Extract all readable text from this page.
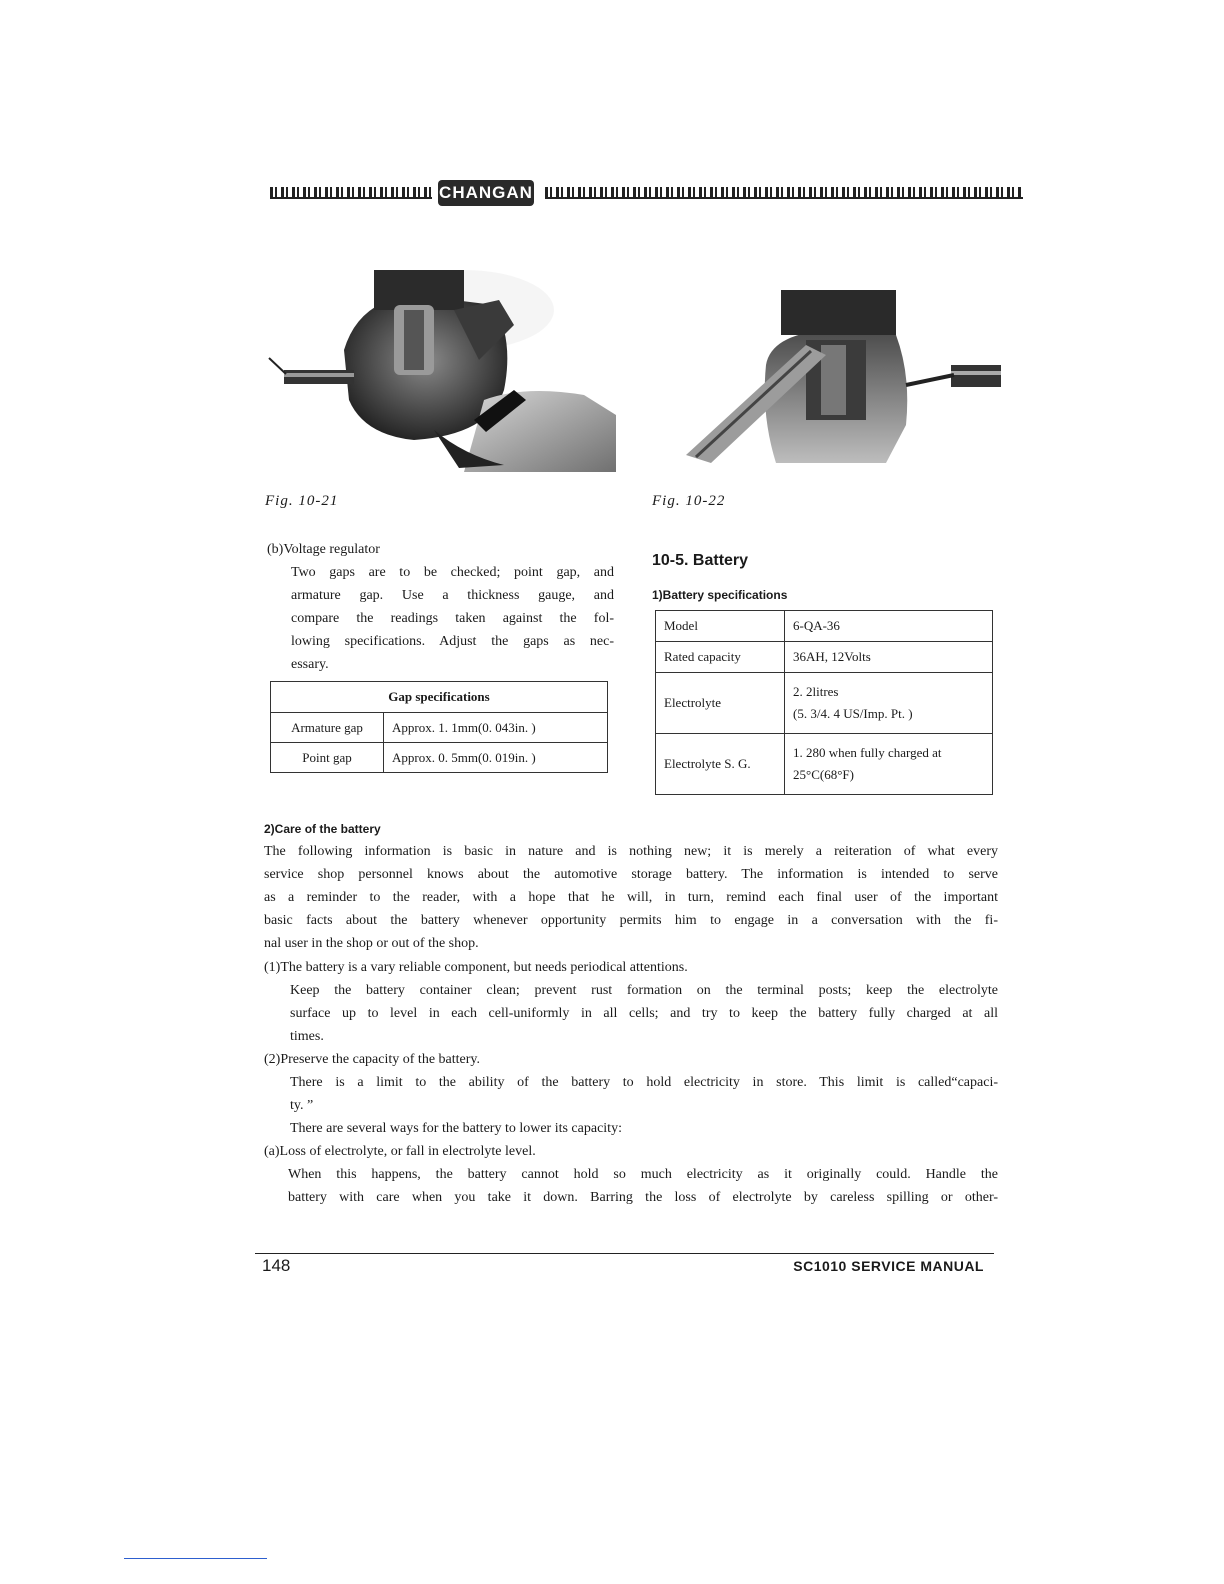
CHANGAN
Fig. 10-21	Fig. 10-22
(b)Voltage regulator
Two gaps are to be checked; point gap, and
armature gap. Use a thickness gauge, and
compare the readings taken against the fol-
lowing specifications. Adjust the gaps as nec-
essary.
Gap specifications	
Armature gap	Approx. 1. 1mm(0. 043in. )
Point gap	Approx. 0. 5mm(0. 019in. )
10-5. Battery
1)Battery specifications
Model	6-QA-36
Rated capacity	36AH, 12Volts
Electrolyte	2. 2litres
(5. 3/4. 4 US/Imp. Pt. )

Electrolyte S. G.	1. 280 when fully charged at
25°C(68°F)
2)Care of the battery
The following information is basic in nature and is nothing new; it is merely a reiteration of what every
service shop personnel knows about the automotive storage battery. The information is intended to serve
as a reminder to the reader, with a hope that he will, in turn, remind each final user of the important
basic facts about the battery whenever opportunity permits him to engage in a conversation with the fi-
nal user in the shop or out of the shop.
(1)The battery is a vary reliable component, but needs periodical attentions.
Keep the battery container clean; prevent rust formation on the terminal posts; keep the electrolyte
surface up to level in each cell-uniformly in all cells; and try to keep the battery fully charged at all
times.
(2)Preserve the capacity of the battery.
There is a limit to the ability of the battery to hold electricity in store. This limit is called“capaci-
ty. ”
There are several ways for the battery to lower its capacity:
(a)Loss of electrolyte, or fall in electrolyte level.
When this happens, the battery cannot hold so much electricity as it originally could. Handle the
battery with care when you take it down. Barring the loss of electrolyte by careless spilling or other-
148	SC1010 SERVICE MANUAL
